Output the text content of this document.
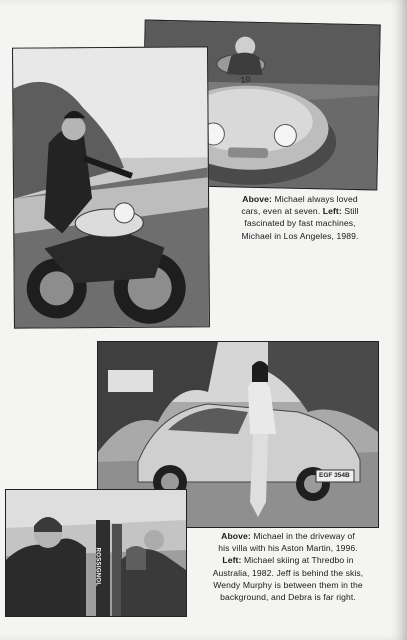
10
Above: Michael always loved
cars, even at seven. Left: Still
fascinated by fast machines,
Michael in Los Angeles, 1989.
EGF 354B
ROSSIGNOL
Above: Michael in the driveway of
his villa with his Aston Martin, 1996.
Left: Michael skiing at Thredbo in
Australia, 1982. Jeff is behind the skis,
Wendy Murphy is between them in the
background, and Debra is far right.
